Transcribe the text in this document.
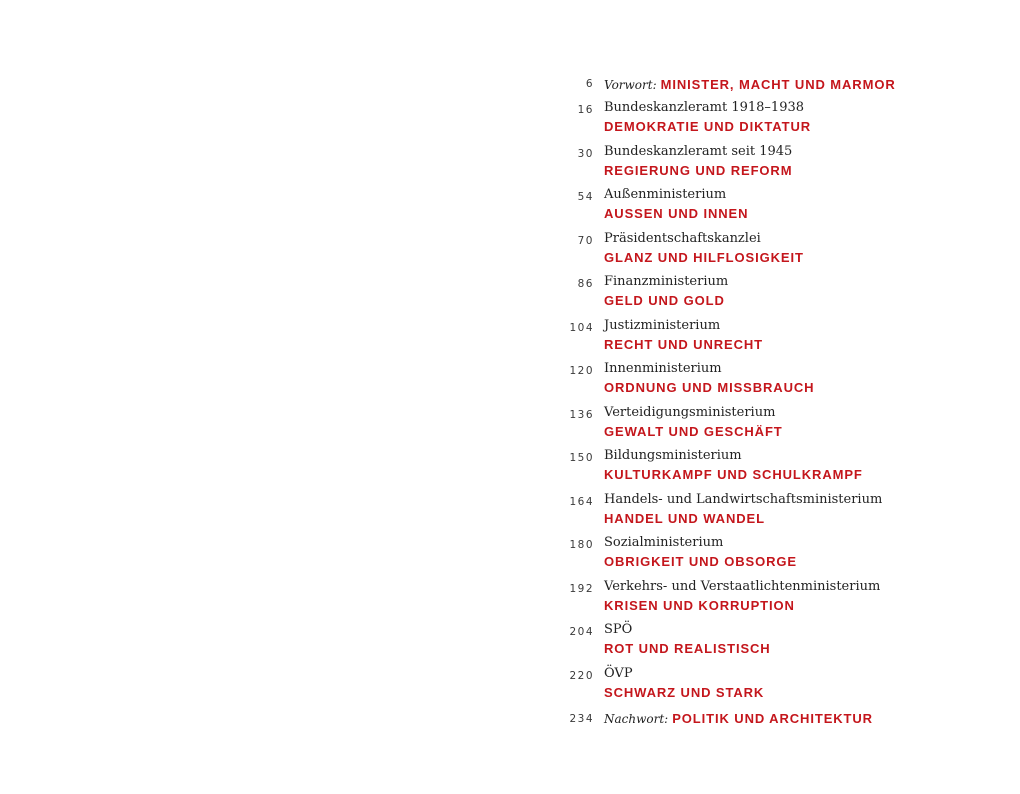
6 Vorwort: MINISTER, MACHT UND MARMOR
16 Bundeskanzleramt 1918–1938
DEMOKRATIE UND DIKTATUR
30 Bundeskanzleramt seit 1945
REGIERUNG UND REFORM
54 Außenministerium
AUSSEN UND INNEN
70 Präsidentschaftskanzlei
GLANZ UND HILFLOSIGKEIT
86 Finanzministerium
GELD UND GOLD
104 Justizministerium
RECHT UND UNRECHT
120 Innenministerium
ORDNUNG UND MISSBRAUCH
136 Verteidigungsministerium
GEWALT UND GESCHÄFT
150 Bildungsministerium
KULTURKAMPF UND SCHULKRAMPF
164 Handels- und Landwirtschaftsministerium
HANDEL UND WANDEL
180 Sozialministerium
OBRIGKEIT UND OBSORGE
192 Verkehrs- und Verstaatlichtenministerium
KRISEN UND KORRUPTION
204 SPÖ
ROT UND REALISTISCH
220 ÖVP
SCHWARZ UND STARK
234 Nachwort: POLITIK UND ARCHITEKTUR
